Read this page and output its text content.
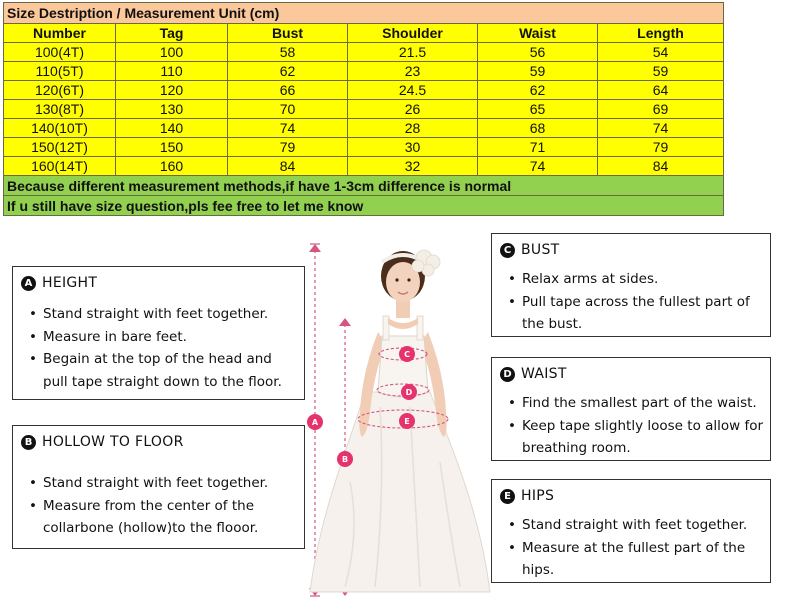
Size Destription / Measurement Unit (cm)					
Number	Tag	Bust	Shoulder	Waist	Length
100(4T)	100	58	21.5	56	54
110(5T)	110	62	23	59	59
120(6T)	120	66	24.5	62	64
130(8T)	130	70	26	65	69
140(10T)	140	74	28	68	74
150(12T)	150	79	30	71	79
160(14T)	160	84	32	74	84
Because different measurement methods,if have 1-3cm difference is normal					
If u still have size question,pls fee free to let me know					
A HEIGHT
• Stand straight with feet together.
• Measure in bare feet.
• Begain at the top of the head and pull tape straight down to the floor.
B HOLLOW TO FLOOR
• Stand straight with feet together.
• Measure from the center of the collarbone (hollow)to the flooor.
C BUST
• Relax arms at sides.
• Pull tape across the fullest part of the bust.
D WAIST
• Find the smallest part of the waist.
• Keep tape slightly loose to allow for breathing room.
E HIPS
• Stand straight with feet together.
• Measure at the fullest part of the hips.
A
B
C
D
E
